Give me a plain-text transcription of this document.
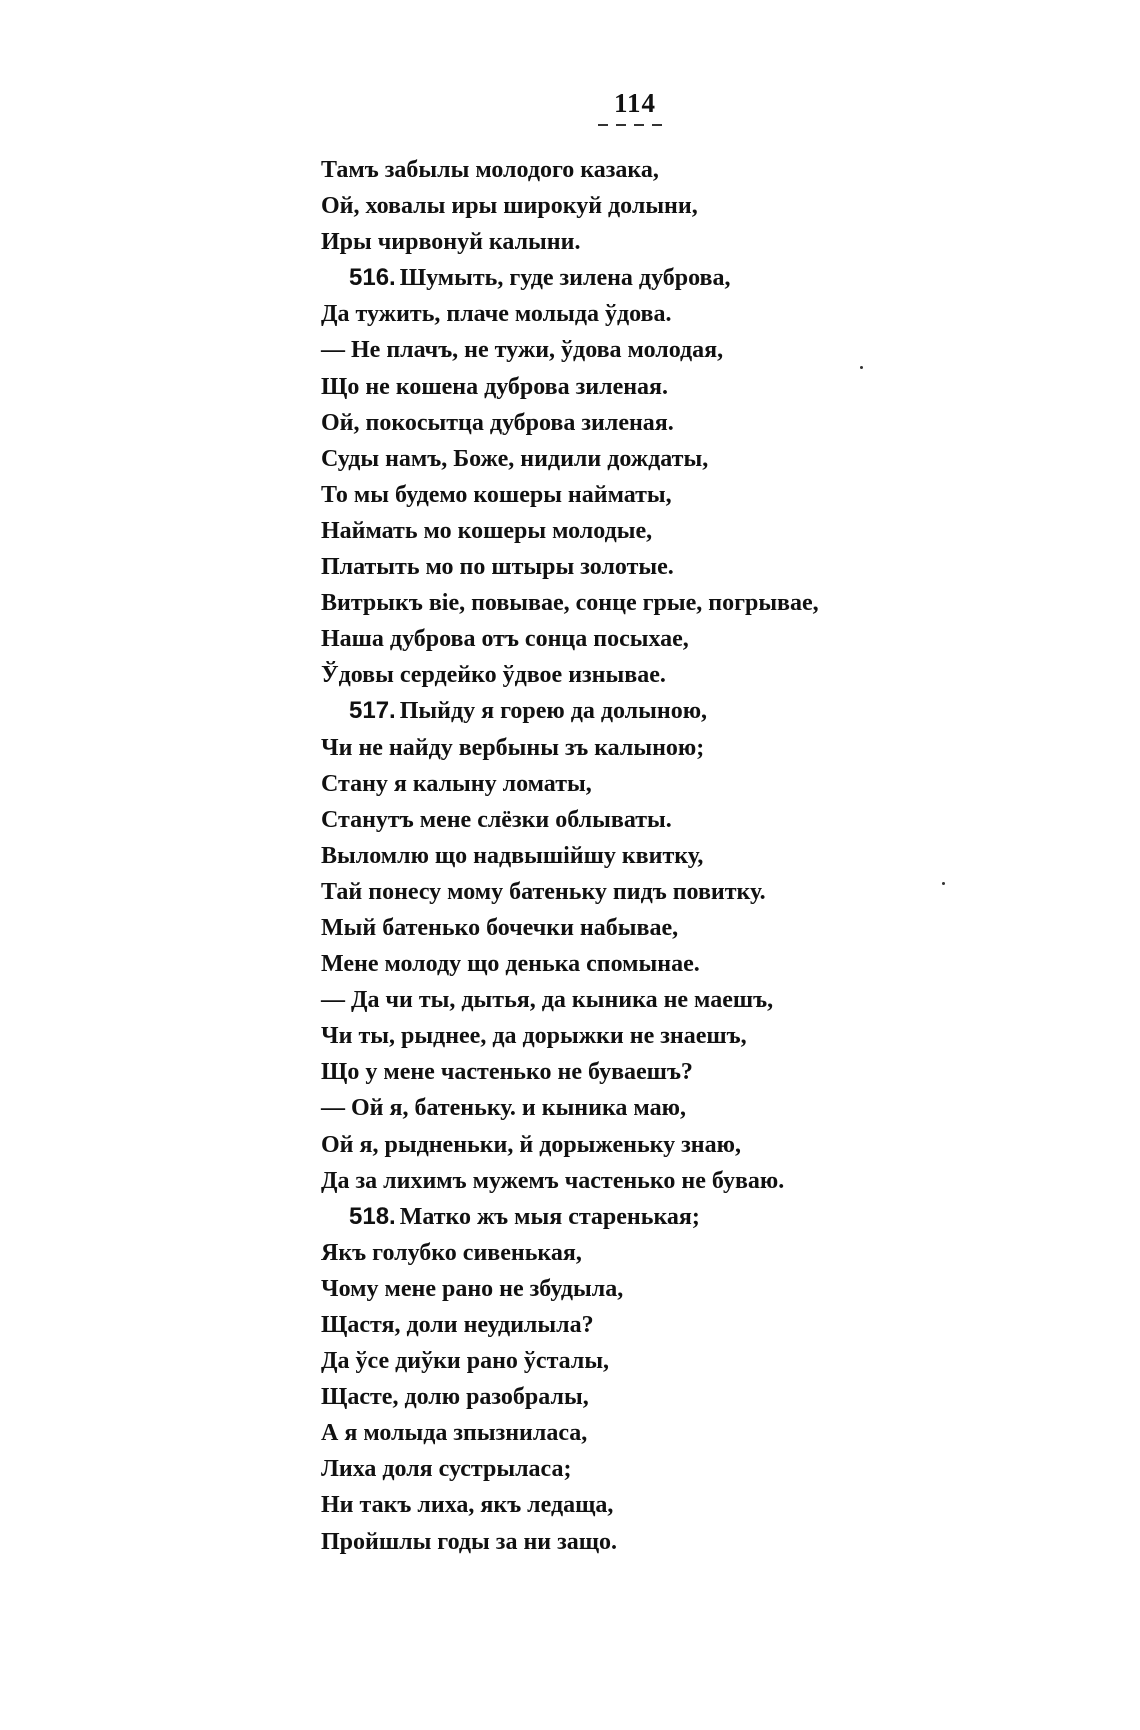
114
Тамъ забылы молодого казака,
Ой, ховалы иры широкуй долыни,
Иры чирвонуй калыни.
516. Шумыть, гуде зилена дуброва,
Да тужить, плаче молыда ўдова.
— Не плачъ, не тужи, ўдова молодая,
Що не кошена дуброва зиленая.
Ой, покосытца дуброва зиленая.
Суды намъ, Боже, нидили дождаты,
То мы будемо кошеры найматы,
Наймать мо кошеры молодые,
Платыть мо по штыры золотые.
Витрыкъ віе, повывае, сонце грые, погрывае,
Наша дуброва отъ сонца посыхае,
Ўдовы сердейко ўдвое изнывае.
517. Пыйду я горею да долыною,
Чи не найду вербыны зъ калыною;
Стану я калыну ломаты,
Станутъ мене слёзки облываты.
Выломлю що надвышійшу квитку,
Тай понесу мому батеньку пидъ повитку.
Мый батенько бочечки набывае,
Мене молоду що денька спомынае.
— Да чи ты, дытья, да кыника не маешъ,
Чи ты, рыднее, да дорыжки не знаешъ,
Що у мене частенько не буваешъ?
— Ой я, батеньку. и кыника маю,
Ой я, рыдненьки, й дорыженьку знаю,
Да за лихимъ мужемъ частенько не буваю.
518. Матко жъ мыя старенькая;
Якъ голубко сивенькая,
Чому мене рано не збудыла,
Щастя, доли неудилыла?
Да ўсе диўки рано ўсталы,
Щасте, долю разобралы,
А я молыда зпызниласа,
Лиха доля сустрыласа;
Ни такъ лиха, якъ ледаща,
Пройшлы годы за ни защо.
